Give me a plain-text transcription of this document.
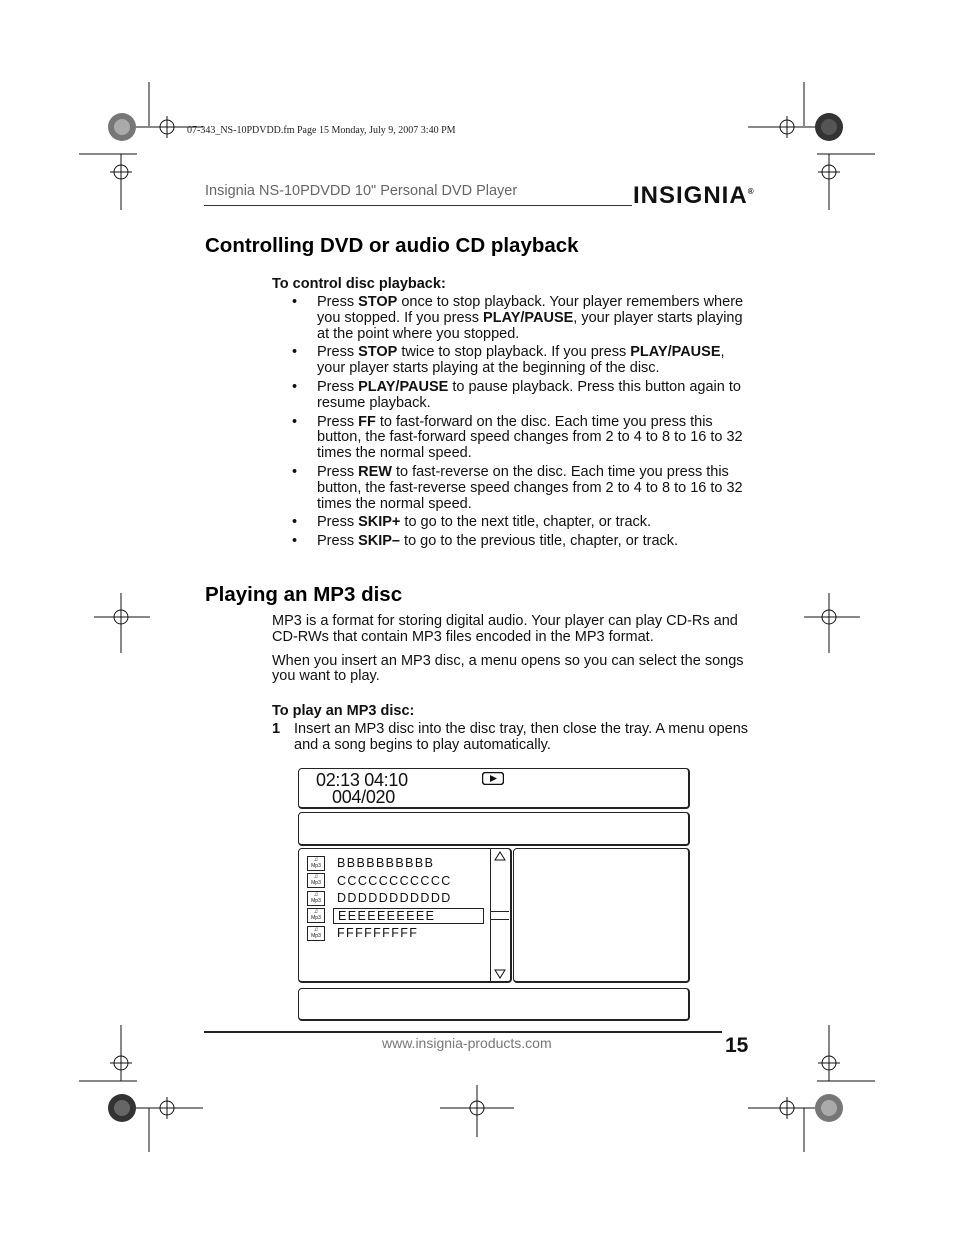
07-343_NS-10PDVDD.fm Page 15 Monday, July 9, 2007 3:40 PM
Insignia NS-10PDVDD 10" Personal DVD Player	INSIGNIA®
Controlling DVD or audio CD playback
To control disc playback:
• Press STOP once to stop playback. Your player remembers where you stopped. If you press PLAY/PAUSE, your player starts playing at the point where you stopped.
• Press STOP twice to stop playback. If you press PLAY/PAUSE, your player starts playing at the beginning of the disc.
• Press PLAY/PAUSE to pause playback. Press this button again to resume playback.
• Press FF to fast-forward on the disc. Each time you press this button, the fast-forward speed changes from 2 to 4 to 8 to 16 to 32 times the normal speed.
• Press REW to fast-reverse on the disc. Each time you press this button, the fast-reverse speed changes from 2 to 4 to 8 to 16 to 32 times the normal speed.
• Press SKIP+ to go to the next title, chapter, or track.
• Press SKIP– to go to the previous title, chapter, or track.
Playing an MP3 disc

MP3 is a format for storing digital audio. Your player can play CD-Rs and CD-RWs that contain MP3 files encoded in the MP3 format.

When you insert an MP3 disc, a menu opens so you can select the songs you want to play.

To play an MP3 disc:
1 Insert an MP3 disc into the disc tray, then close the tray. A menu opens and a song begins to play automatically.
02:13 04:10
004/020
♫
Mp3	BBBBBBBBBB
♫
Mp3	CCCCCCCCCCC
♫
Mp3	DDDDDDDDDDD
♫
Mp3	EEEEEEEEEE
♫
Mp3	FFFFFFFFF
www.insignia-products.com	15
